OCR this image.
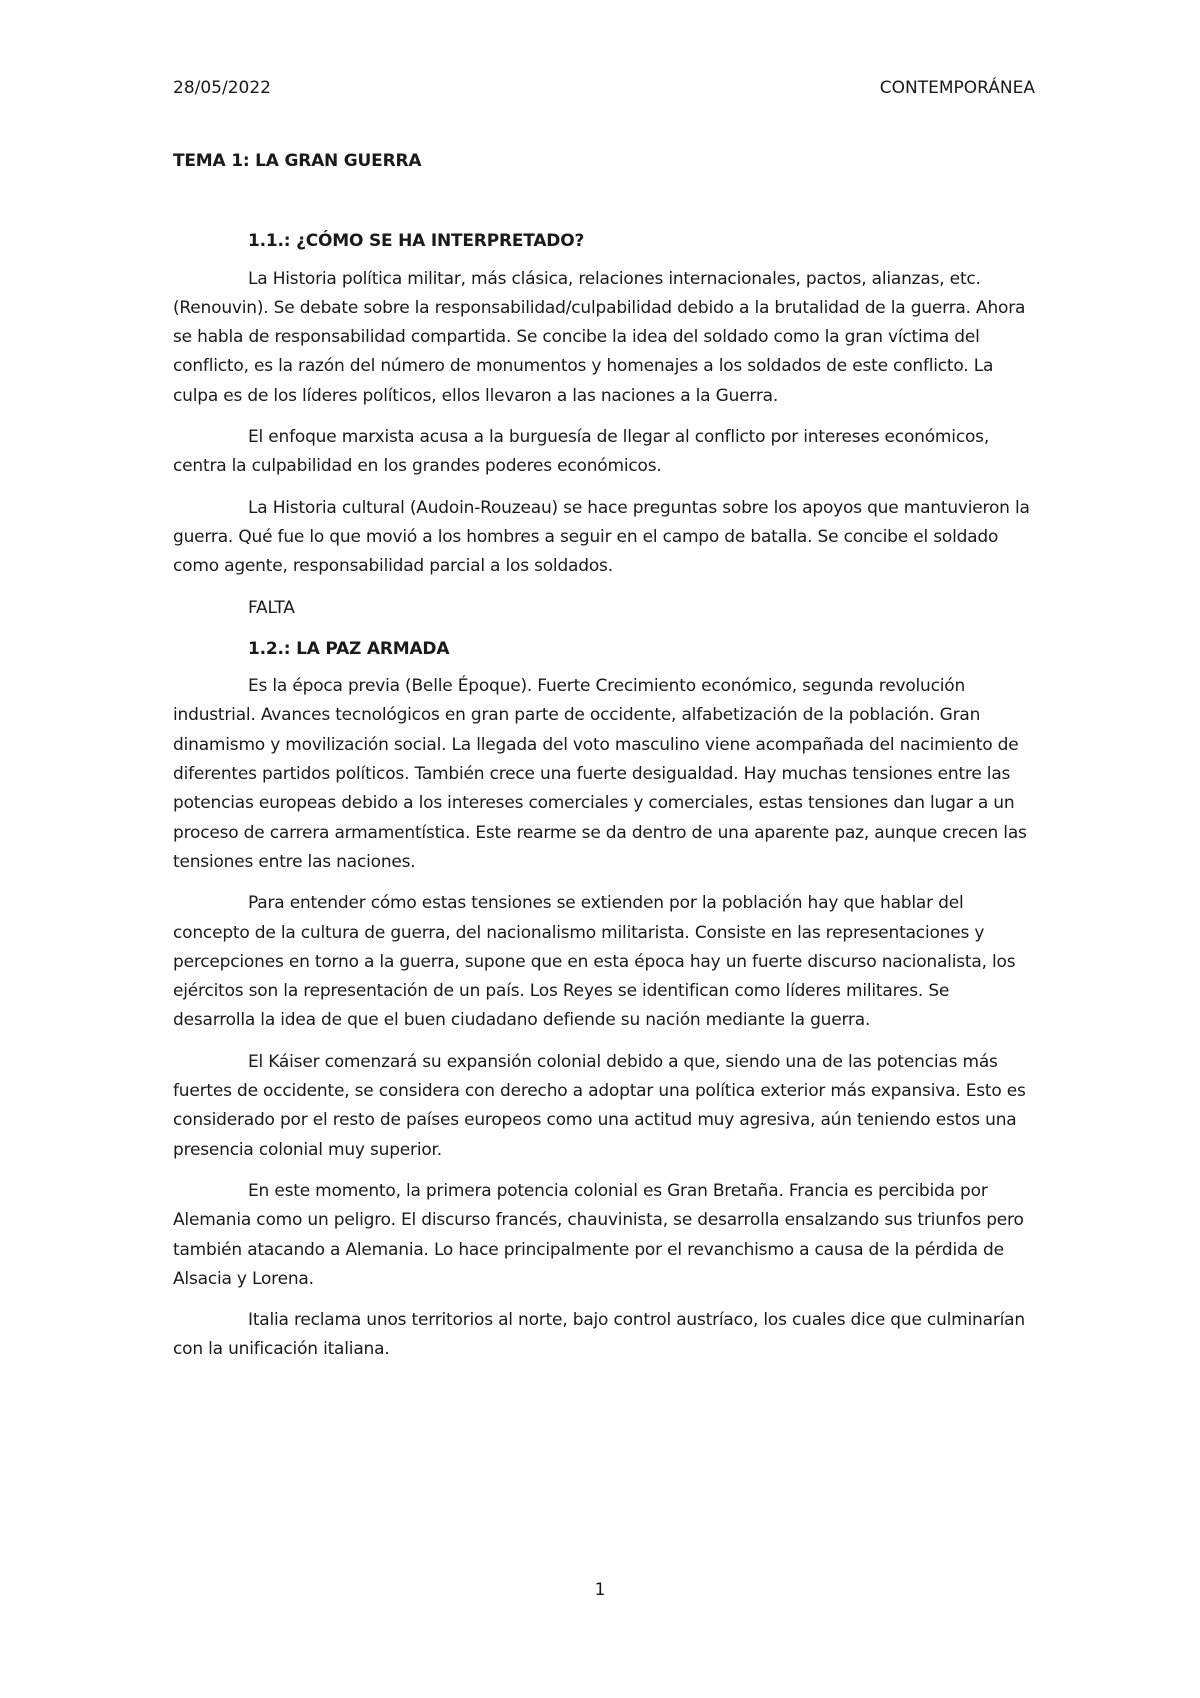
28/05/2022	CONTEMPORÁNEA
TEMA 1: LA GRAN GUERRA
1.1.: ¿CÓMO SE HA INTERPRETADO?

La Historia política militar, más clásica, relaciones internacionales, pactos, alianzas, etc. (Renouvin). Se debate sobre la responsabilidad/culpabilidad debido a la brutalidad de la guerra. Ahora se habla de responsabilidad compartida. Se concibe la idea del soldado como la gran víctima del conflicto, es la razón del número de monumentos y homenajes a los soldados de este conflicto. La culpa es de los líderes políticos, ellos llevaron a las naciones a la Guerra.

El enfoque marxista acusa a la burguesía de llegar al conflicto por intereses económicos, centra la culpabilidad en los grandes poderes económicos.

La Historia cultural (Audoin-Rouzeau) se hace preguntas sobre los apoyos que mantuvieron la guerra. Qué fue lo que movió a los hombres a seguir en el campo de batalla. Se concibe el soldado como agente, responsabilidad parcial a los soldados.

FALTA

1.2.: LA PAZ ARMADA

Es la época previa (Belle Époque). Fuerte Crecimiento económico, segunda revolución industrial. Avances tecnológicos en gran parte de occidente, alfabetización de la población. Gran dinamismo y movilización social. La llegada del voto masculino viene acompañada del nacimiento de diferentes partidos políticos. También crece una fuerte desigualdad. Hay muchas tensiones entre las potencias europeas debido a los intereses comerciales y comerciales, estas tensiones dan lugar a un proceso de carrera armamentística. Este rearme se da dentro de una aparente paz, aunque crecen las tensiones entre las naciones.

Para entender cómo estas tensiones se extienden por la población hay que hablar del concepto de la cultura de guerra, del nacionalismo militarista. Consiste en las representaciones y percepciones en torno a la guerra, supone que en esta época hay un fuerte discurso nacionalista, los ejércitos son la representación de un país. Los Reyes se identifican como líderes militares. Se desarrolla la idea de que el buen ciudadano defiende su nación mediante la guerra.

El Káiser comenzará su expansión colonial debido a que, siendo una de las potencias más fuertes de occidente, se considera con derecho a adoptar una política exterior más expansiva. Esto es considerado por el resto de países europeos como una actitud muy agresiva, aún teniendo estos una presencia colonial muy superior.

En este momento, la primera potencia colonial es Gran Bretaña. Francia es percibida por Alemania como un peligro. El discurso francés, chauvinista, se desarrolla ensalzando sus triunfos pero también atacando a Alemania. Lo hace principalmente por el revanchismo a causa de la pérdida de Alsacia y Lorena.

Italia reclama unos territorios al norte, bajo control austríaco, los cuales dice que culminarían con la unificación italiana.

1
